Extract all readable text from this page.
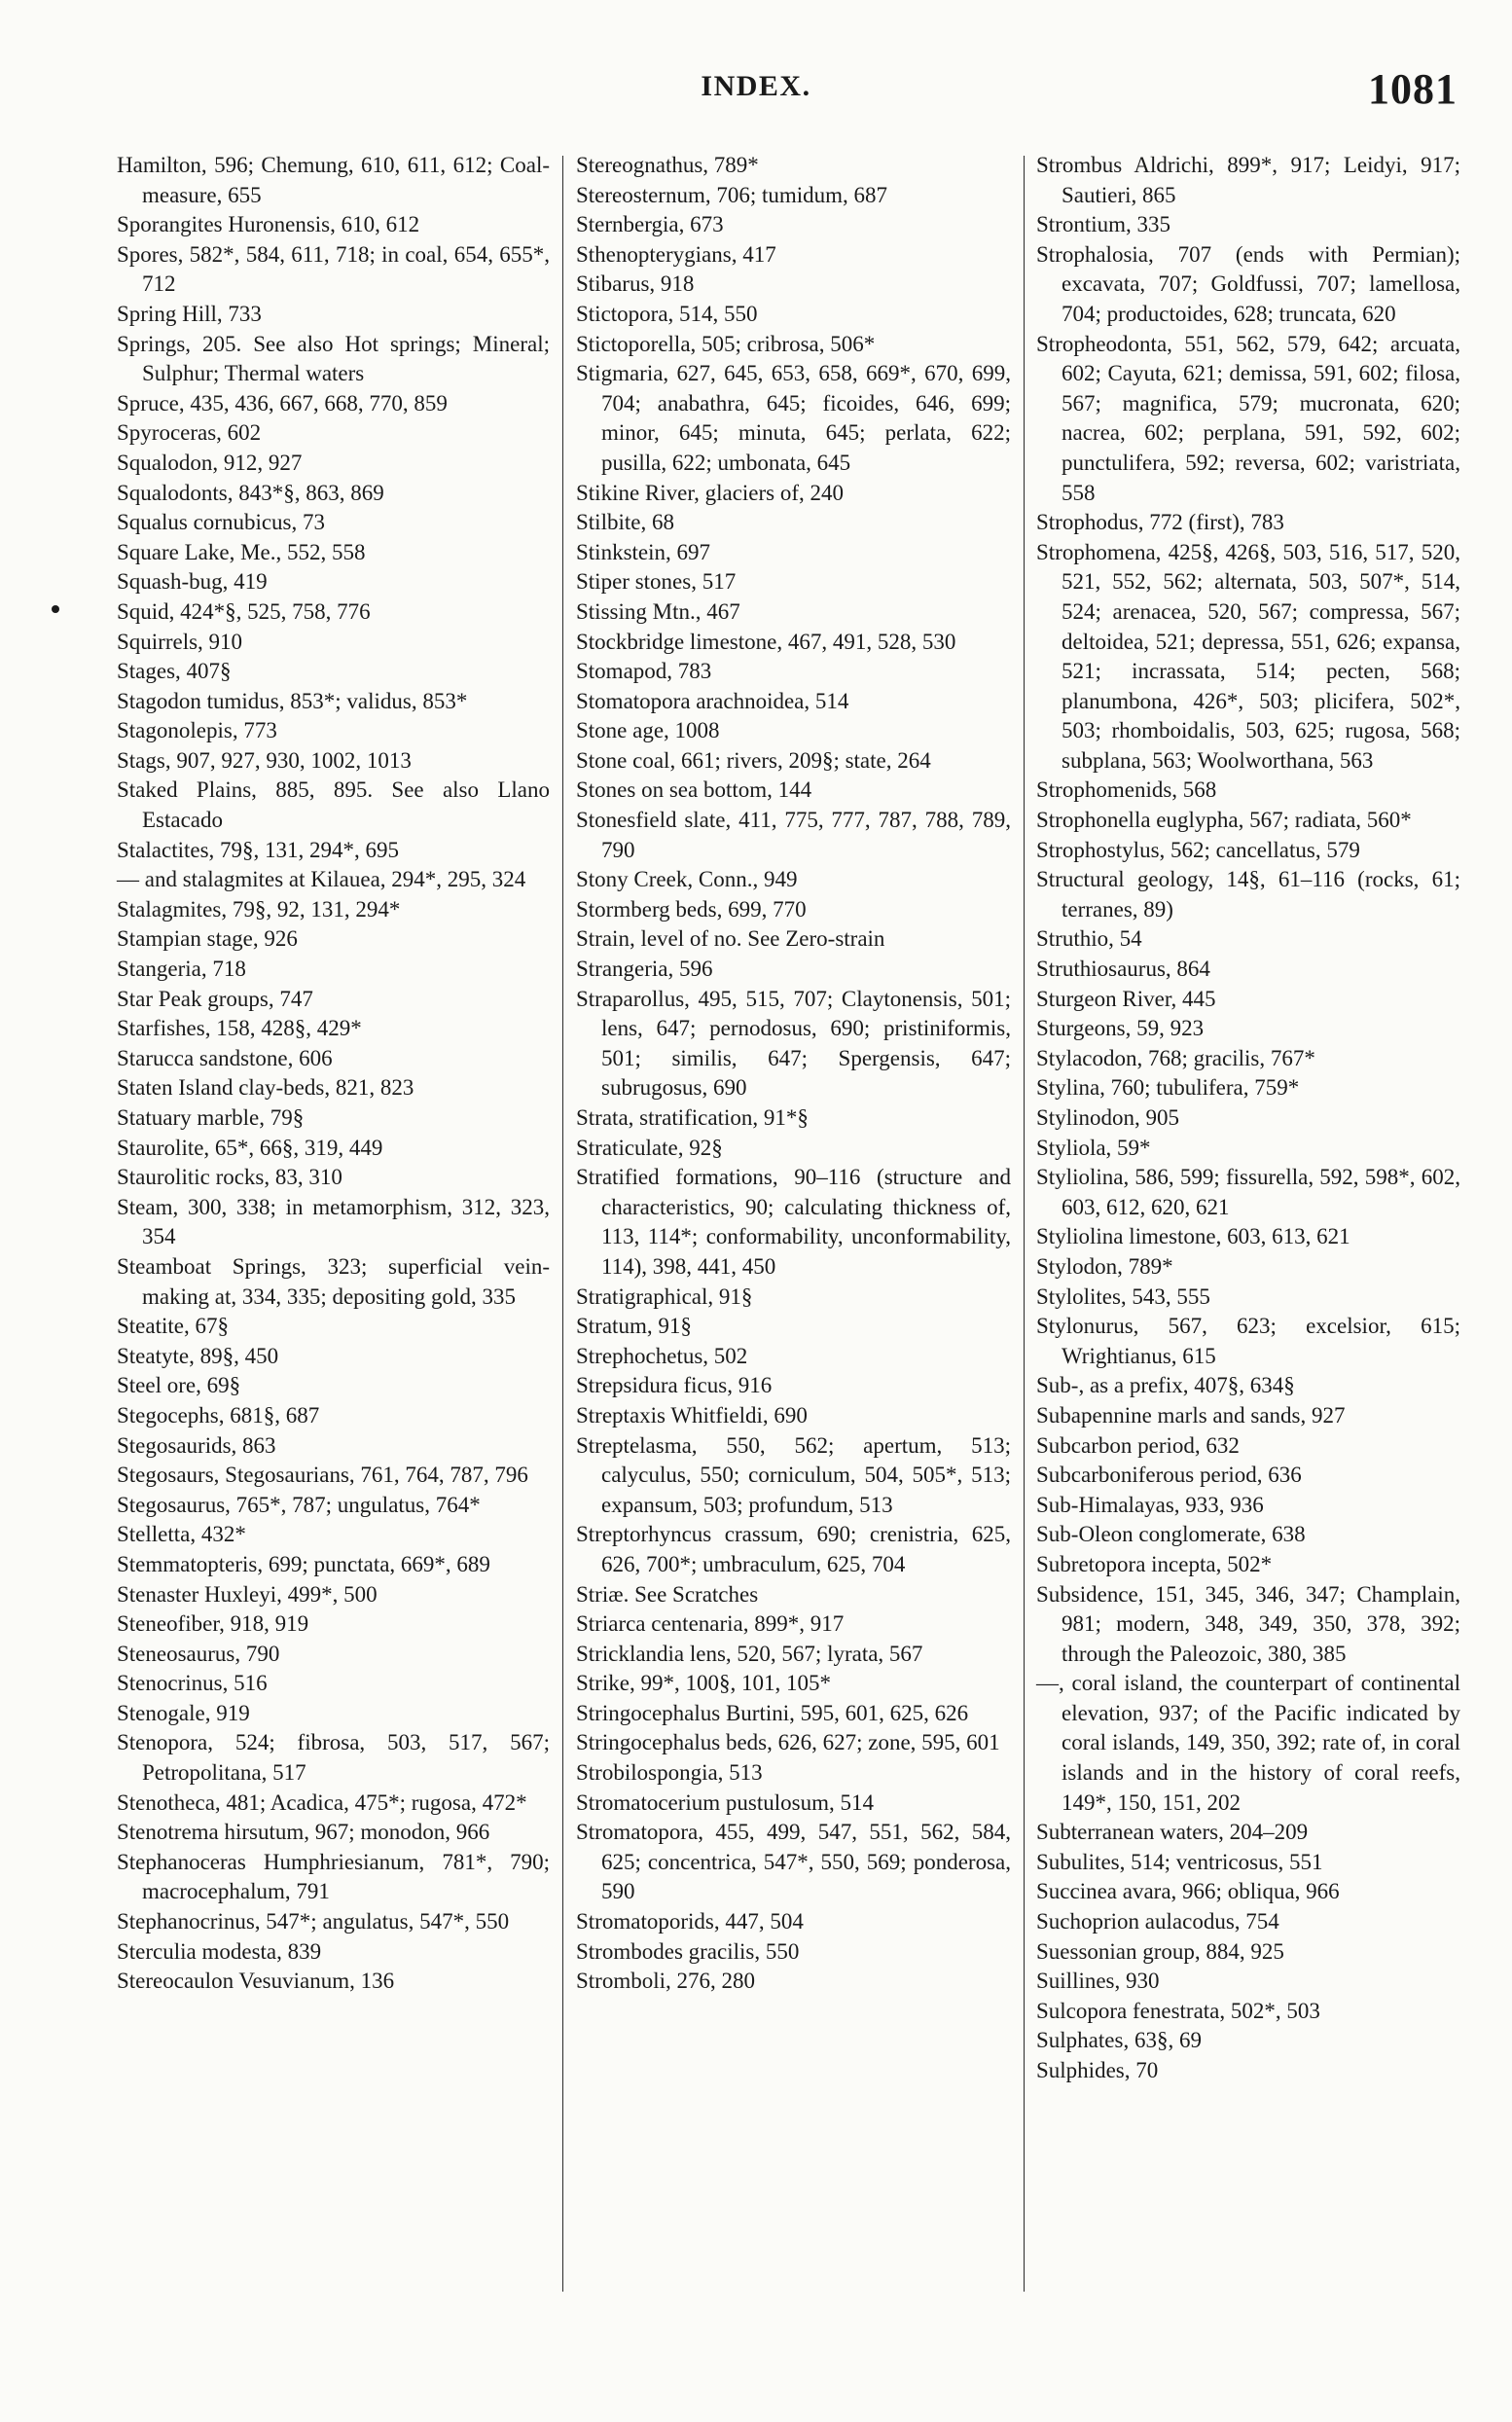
INDEX.	1081

Hamilton, 596; Chemung, 610, 611, 612; Coal-measure, 655

Sporangites Huronensis, 610, 612

Spores, 582*, 584, 611, 718; in coal, 654, 655*, 712

Spring Hill, 733

Springs, 205. See also Hot springs; Mineral; Sulphur; Thermal waters

Spruce, 435, 436, 667, 668, 770, 859

Spyroceras, 602

Squalodon, 912, 927

Squalodonts, 843*§, 863, 869

Squalus cornubicus, 73

Square Lake, Me., 552, 558

Squash-bug, 419

Squid, 424*§, 525, 758, 776

Squirrels, 910

Stages, 407§

Stagodon tumidus, 853*; validus, 853*

Stagonolepis, 773

Stags, 907, 927, 930, 1002, 1013

Staked Plains, 885, 895. See also Llano Estacado

Stalactites, 79§, 131, 294*, 695

— and stalagmites at Kilauea, 294*, 295, 324

Stalagmites, 79§, 92, 131, 294*

Stampian stage, 926

Stangeria, 718

Star Peak groups, 747

Starfishes, 158, 428§, 429*

Starucca sandstone, 606

Staten Island clay-beds, 821, 823

Statuary marble, 79§

Staurolite, 65*, 66§, 319, 449

Staurolitic rocks, 83, 310

Steam, 300, 338; in metamorphism, 312, 323, 354

Steamboat Springs, 323; superficial vein-making at, 334, 335; depositing gold, 335

Steatite, 67§

Steatyte, 89§, 450

Steel ore, 69§

Stegocephs, 681§, 687

Stegosaurids, 863

Stegosaurs, Stegosaurians, 761, 764, 787, 796

Stegosaurus, 765*, 787; ungulatus, 764*

Stelletta, 432*

Stemmatopteris, 699; punctata, 669*, 689

Stenaster Huxleyi, 499*, 500

Steneofiber, 918, 919

Steneosaurus, 790

Stenocrinus, 516

Stenogale, 919

Stenopora, 524; fibrosa, 503, 517, 567; Petropolitana, 517

Stenotheca, 481; Acadica, 475*; rugosa, 472*

Stenotrema hirsutum, 967; monodon, 966

Stephanoceras Humphriesianum, 781*, 790; macrocephalum, 791

Stephanocrinus, 547*; angulatus, 547*, 550

Sterculia modesta, 839

Stereocaulon Vesuvianum, 136

Stereognathus, 789*

Stereosternum, 706; tumidum, 687

Sternbergia, 673

Sthenopterygians, 417

Stibarus, 918

Stictopora, 514, 550

Stictoporella, 505; cribrosa, 506*

Stigmaria, 627, 645, 653, 658, 669*, 670, 699, 704; anabathra, 645; ficoides, 646, 699; minor, 645; minuta, 645; perlata, 622; pusilla, 622; umbonata, 645

Stikine River, glaciers of, 240

Stilbite, 68

Stinkstein, 697

Stiper stones, 517

Stissing Mtn., 467

Stockbridge limestone, 467, 491, 528, 530

Stomapod, 783

Stomatopora arachnoidea, 514

Stone age, 1008

Stone coal, 661; rivers, 209§; state, 264

Stones on sea bottom, 144

Stonesfield slate, 411, 775, 777, 787, 788, 789, 790

Stony Creek, Conn., 949

Stormberg beds, 699, 770

Strain, level of no. See Zero-strain

Strangeria, 596

Straparollus, 495, 515, 707; Claytonensis, 501; lens, 647; pernodosus, 690; pristiniformis, 501; similis, 647; Spergensis, 647; subrugosus, 690

Strata, stratification, 91*§

Straticulate, 92§

Stratified formations, 90–116 (structure and characteristics, 90; calculating thickness of, 113, 114*; conformability, unconformability, 114), 398, 441, 450

Stratigraphical, 91§

Stratum, 91§

Strephochetus, 502

Strepsidura ficus, 916

Streptaxis Whitfieldi, 690

Streptelasma, 550, 562; apertum, 513; calyculus, 550; corniculum, 504, 505*, 513; expansum, 503; profundum, 513

Streptorhyncus crassum, 690; crenistria, 625, 626, 700*; umbraculum, 625, 704

Striæ. See Scratches

Striarca centenaria, 899*, 917

Stricklandia lens, 520, 567; lyrata, 567

Strike, 99*, 100§, 101, 105*

Stringocephalus Burtini, 595, 601, 625, 626

Stringocephalus beds, 626, 627; zone, 595, 601

Strobilospongia, 513

Stromatocerium pustulosum, 514

Stromatopora, 455, 499, 547, 551, 562, 584, 625; concentrica, 547*, 550, 569; ponderosa, 590

Stromatoporids, 447, 504

Strombodes gracilis, 550

Stromboli, 276, 280

Strombus Aldrichi, 899*, 917; Leidyi, 917; Sautieri, 865

Strontium, 335

Strophalosia, 707 (ends with Permian); excavata, 707; Goldfussi, 707; lamellosa, 704; productoides, 628; truncata, 620

Stropheodonta, 551, 562, 579, 642; arcuata, 602; Cayuta, 621; demissa, 591, 602; filosa, 567; magnifica, 579; mucronata, 620; nacrea, 602; perplana, 591, 592, 602; punctulifera, 592; reversa, 602; varistriata, 558

Strophodus, 772 (first), 783

Strophomena, 425§, 426§, 503, 516, 517, 520, 521, 552, 562; alternata, 503, 507*, 514, 524; arenacea, 520, 567; compressa, 567; deltoidea, 521; depressa, 551, 626; expansa, 521; incrassata, 514; pecten, 568; planumbona, 426*, 503; plicifera, 502*, 503; rhomboidalis, 503, 625; rugosa, 568; subplana, 563; Woolworthana, 563

Strophomenids, 568

Strophonella euglypha, 567; radiata, 560*

Strophostylus, 562; cancellatus, 579

Structural geology, 14§, 61–116 (rocks, 61; terranes, 89)

Struthio, 54

Struthiosaurus, 864

Sturgeon River, 445

Sturgeons, 59, 923

Stylacodon, 768; gracilis, 767*

Stylina, 760; tubulifera, 759*

Stylinodon, 905

Styliola, 59*

Styliolina, 586, 599; fissurella, 592, 598*, 602, 603, 612, 620, 621

Styliolina limestone, 603, 613, 621

Stylodon, 789*

Stylolites, 543, 555

Stylonurus, 567, 623; excelsior, 615; Wrightianus, 615

Sub-, as a prefix, 407§, 634§

Subapennine marls and sands, 927

Subcarbon period, 632

Subcarboniferous period, 636

Sub-Himalayas, 933, 936

Sub-Oleon conglomerate, 638

Subretopora incepta, 502*

Subsidence, 151, 345, 346, 347; Champlain, 981; modern, 348, 349, 350, 378, 392; through the Paleozoic, 380, 385

—, coral island, the counterpart of continental elevation, 937; of the Pacific indicated by coral islands, 149, 350, 392; rate of, in coral islands and in the history of coral reefs, 149*, 150, 151, 202

Subterranean waters, 204–209

Subulites, 514; ventricosus, 551

Succinea avara, 966; obliqua, 966

Suchoprion aulacodus, 754

Suessonian group, 884, 925

Suillines, 930

Sulcopora fenestrata, 502*, 503

Sulphates, 63§, 69

Sulphides, 70
